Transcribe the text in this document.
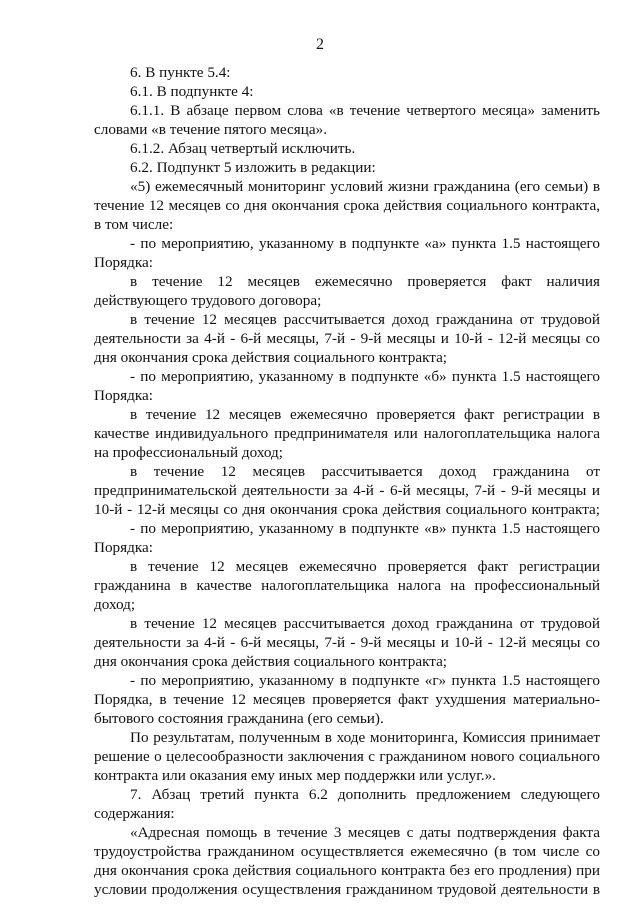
2
6. В пункте 5.4:
6.1. В подпункте 4:
6.1.1. В абзаце первом слова «в течение четвертого месяца» заменить
словами «в течение пятого месяца».
6.1.2. Абзац четвертый исключить.
6.2. Подпункт 5 изложить в редакции:
«5) ежемесячный мониторинг условий жизни гражданина (его семьи) в
течение 12 месяцев со дня окончания срока действия социального контракта,
в том числе:
- по мероприятию, указанному в подпункте «а» пункта 1.5 настоящего
Порядка:
в течение 12 месяцев ежемесячно проверяется факт наличия
действующего трудового договора;
в течение 12 месяцев рассчитывается доход гражданина от трудовой
деятельности за 4-й - 6-й месяцы, 7-й - 9-й месяцы и 10-й - 12-й месяцы со
дня окончания срока действия социального контракта;
- по мероприятию, указанному в подпункте «б» пункта 1.5 настоящего
Порядка:
в течение 12 месяцев ежемесячно проверяется факт регистрации в
качестве индивидуального предпринимателя или налогоплательщика налога
на профессиональный доход;
в течение 12 месяцев рассчитывается доход гражданина от
предпринимательской деятельности за 4-й - 6-й месяцы, 7-й - 9-й месяцы и
10-й - 12-й месяцы со дня окончания срока действия социального контракта;
- по мероприятию, указанному в подпункте «в» пункта 1.5 настоящего
Порядка:
в течение 12 месяцев ежемесячно проверяется факт регистрации
гражданина в качестве налогоплательщика налога на профессиональный
доход;
в течение 12 месяцев рассчитывается доход гражданина от трудовой
деятельности за 4-й - 6-й месяцы, 7-й - 9-й месяцы и 10-й - 12-й месяцы со
дня окончания срока действия социального контракта;
- по мероприятию, указанному в подпункте «г» пункта 1.5 настоящего
Порядка, в течение 12 месяцев проверяется факт ухудшения материально-
бытового состояния гражданина (его семьи).
По результатам, полученным в ходе мониторинга, Комиссия принимает
решение о целесообразности заключения с гражданином нового социального
контракта или оказания ему иных мер поддержки или услуг.».
7. Абзац третий пункта 6.2 дополнить предложением следующего
содержания:
«Адресная помощь в течение 3 месяцев с даты подтверждения факта
трудоустройства гражданином осуществляется ежемесячно (в том числе со
дня окончания срока действия социального контракта без его продления) при
условии продолжения осуществления гражданином трудовой деятельности в
